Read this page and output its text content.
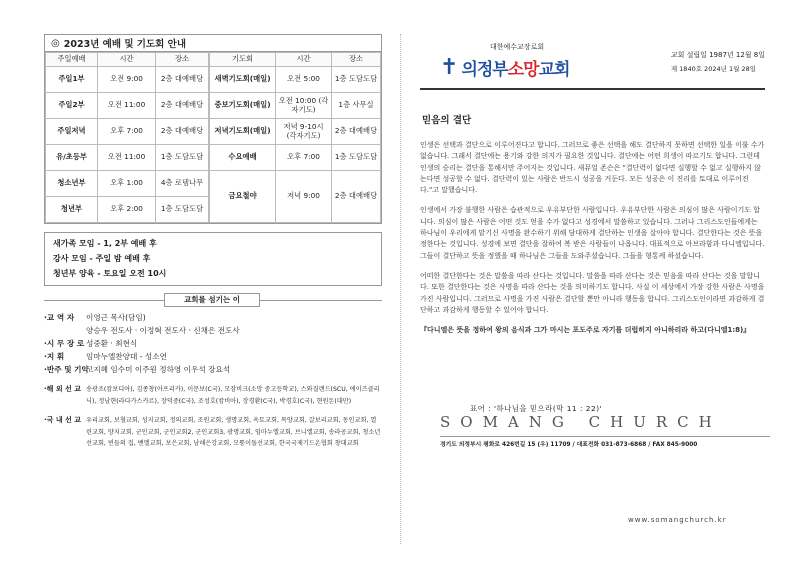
◎ 2023년 예배 및 기도회 안내
주일예배	시간	장소
주일1부	오전 9:00	2층 대예배당
주일2부	오전 11:00	2층 대예배당
주일저녁	오후 7:00	2층 대예배당
유/초등부	오전 11:00	1층 도담도담
청소년부	오후 1:00	4층 로뎀나무
청년부	오후 2:00	1층 도담도담
기도회	시간	장소
새벽기도회(매일)	오전 5:00	1층 도담도담
중보기도회(매일)	오전 10:00 (각자기도)	1층 사무실
저녁기도회(매일)	저녁 9-10시 (각자기도)	2층 대예배당
수요예배	오후 7:00	1층 도담도담
금요철야	저녁 9:00	2층 대예배당
새가족 모임 - 1, 2부 예배 후
강사 모임 - 주일 밤 예배 후
청년부 양육 - 토요일 오전 10시
교회를 섬기는 이
·교 역 자	이영근 목사(담임)
양승우 전도사 · 이정혁 전도사 · 신채은 전도사
·시 무 장 로 성중환 · 최현식
·지 휘	임마누엘찬양대 - 성소연
·반주 및 기악
고지혜 임수미 이주원 정하영 이우석 장요석
·해 외 선 교 송광조(캄보디아), 김종창(아프리카), 이문보(C국), 모잠비크(소망 중고등학교), 스와질랜드(SCU, 에이즈클리닉), 정남현(라다가스카르), 장덕중(C국), 조성호(캄비아), 장경환(C국), 박경호(C국), 현원돈(대만)
·국 내 선 교 우리교회, 보혈교회, 성지교회, 정의교회, 조원교회, 생명교회, 옥토교회, 목양교회, 갈보리교회, 동인교회, 열린교회, 양지교회, 군인교회, 군인교회2, 군인교회3, 광명교회, 임마누엘교회, 브니엘교회, 송라공교회, 청소년선교회, 빈들의 집, 밴엘교회, 보은교회, 남해은강교회, 모퉁이돌선교회, 한국국제기드온협회 창대교회
대한예수교장로회
✝ 의정부소망교회
교회 설립일 1987년 12월 8일
제 1840호 2024년 1월 28일
믿음의 결단

인생은 선택과 결단으로 이루어진다고 합니다. 그러므로 좋은 선택을 해도 결단하지 못하면 선택한 일을 이룰 수가 없습니다. 그래서 결단에는 용기와 강한 의지가 필요한 것입니다. 결단에는 어떤 희생이 따르기도 합니다. 그런데 인생의 승리는 결단을 통해서만 주어지는 것입니다. 새뮤얼 존슨은 "결단력이 없다면 실행할 수 없고 실행하지 않는다면 성공할 수 없다. 결단력이 있는 사람은 반드시 성공을 거둔다. 모든 성공은 이 진리를 토대로 이루어진다."고 말했습니다.

인생에서 가장 불행한 사람은 습관적으로 우유부단한 사람입니다. 우유부단한 사람은 의심이 많은 사람이기도 합니다. 의심이 많은 사람은 어떤 것도 얻을 수가 없다고 성경에서 말씀하고 있습니다. 그러나 그리스도인들에게는 하나님이 우리에게 맡기신 사명을 완수하기 위해 담대하게 결단하는 인생을 살아야 합니다. 결단한다는 것은 뜻을 정한다는 것입니다. 성경에 보면 결단을 잘하여 복 받은 사람들이 나옵니다. 대표적으로 아브라함과 다니엘입니다. 그들이 결단하고 뜻을 정했을 때 하나님은 그들을 도와주셨습니다. 그들을 형통케 하셨습니다.

어떠한 결단한다는 것은 말씀을 따라 산다는 것입니다. 말씀을 따라 산다는 것은 믿음을 따라 산다는 것을 말합니다. 또한 결단한다는 것은 사명을 따라 산다는 것을 의미하기도 합니다. 사실 이 세상에서 가장 강한 사람은 사명을 가진 사람입니다. 그러므로 사명을 가진 사람은 결단할 뿐만 아니라 행동을 합니다. 그리스도인이라면 과감하게 결단하고 과감하게 행동할 수 있어야 합니다.

『다니엘은 뜻을 정하여 왕의 음식과 그가 마시는 포도주로 자기를 더럽히지 아니하리라 하고(다니엘1:8)』

표어 : '하나님을 믿으라(막 11 : 22)'
SOMANG CHURCH
경기도 의정부시 평화로 426번길 15 (우) 11709 / 대표전화 031-873-6868 / FAX 845-9000
www.somangchurch.kr
